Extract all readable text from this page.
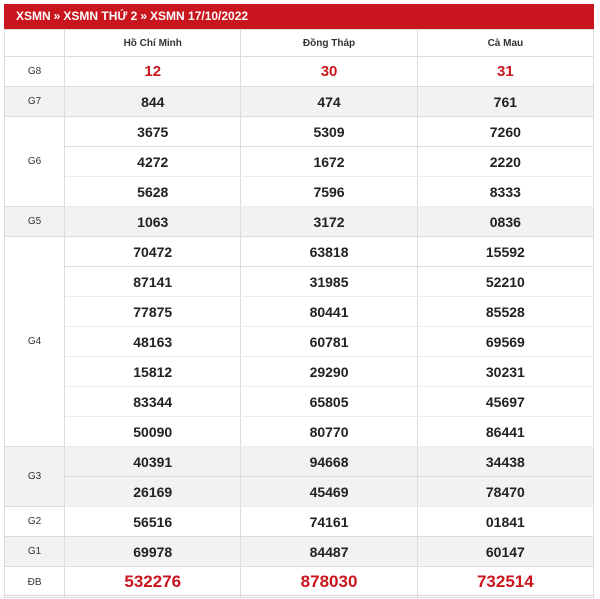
XSMN » XSMN THỨ 2 » XSMN 17/10/2022
	Hồ Chí Minh	Đồng Tháp	Cà Mau
G8	12	30	31
G7	844	474	761
G6	3675	5309	7260
	4272	1672	2220
	5628	7596	8333
G5	1063	3172	0836
G4	70472	63818	15592
	87141	31985	52210
	77875	80441	85528
	48163	60781	69569
	15812	29290	30231
	83344	65805	45697
	50090	80770	86441
G3	40391	94668	34438
	26169	45469	78470
G2	56516	74161	01841
G1	69978	84487	60147
ĐB	532276	878030	732514
